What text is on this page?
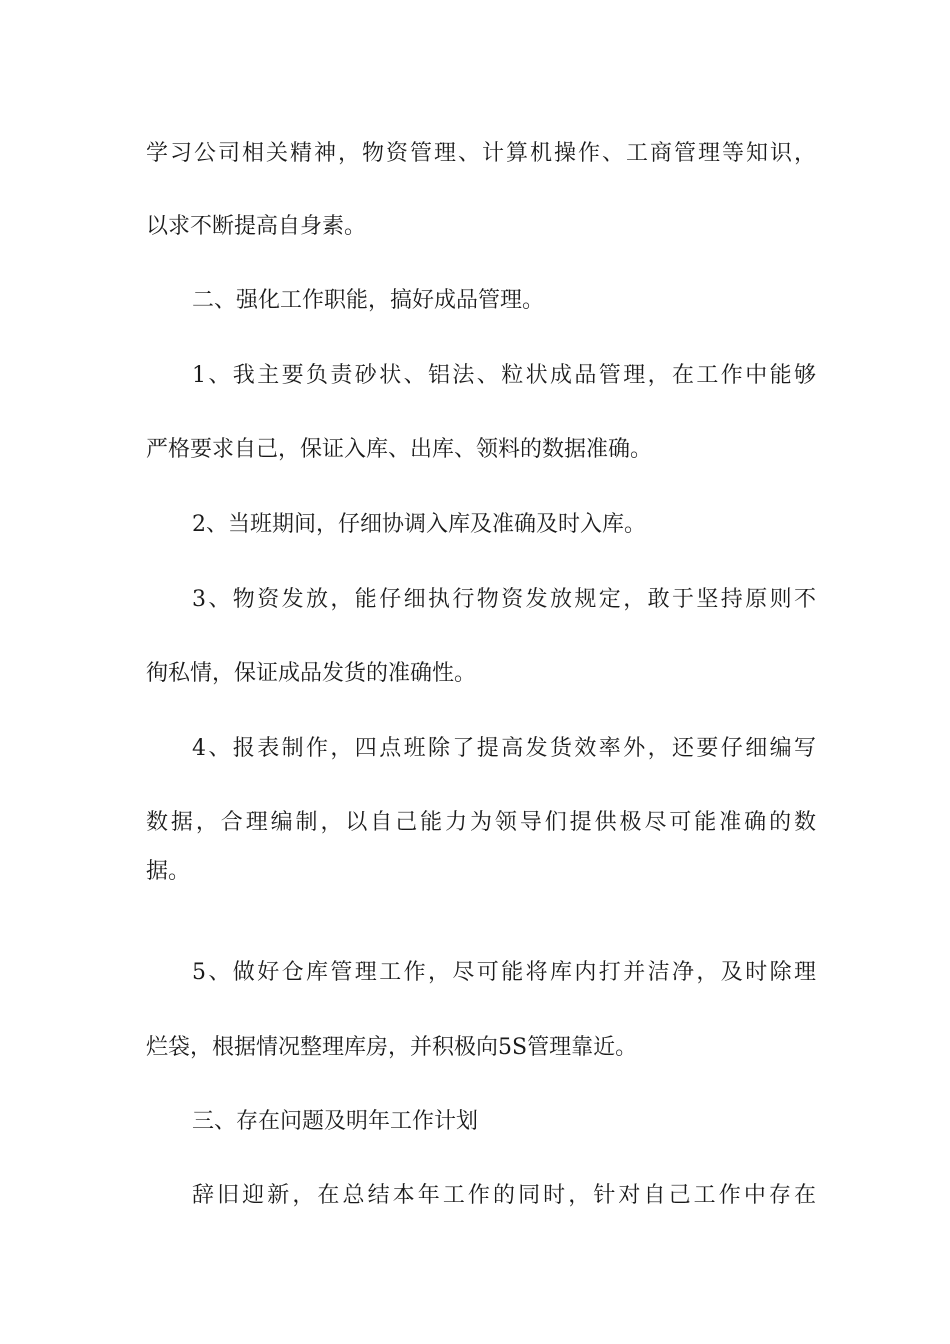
学习公司相关精神，物资管理、计算机操作、工商管理等知识，
以求不断提高自身素。
二、强化工作职能，搞好成品管理。
1、我主要负责砂状、铝法、粒状成品管理，在工作中能够
严格要求自己，保证入库、出库、领料的数据准确。
2、当班期间，仔细协调入库及准确及时入库。
3、物资发放，能仔细执行物资发放规定，敢于坚持原则不
徇私情，保证成品发货的准确性。
4、报表制作，四点班除了提高发货效率外，还要仔细编写
数据，合理编制，以自己能力为领导们提供极尽可能准确的数
据。
5、做好仓库管理工作，尽可能将库内打并洁净，及时除理
烂袋，根据情况整理库房，并积极向5S管理靠近。
三、存在问题及明年工作计划
辞旧迎新，在总结本年工作的同时，针对自己工作中存在
